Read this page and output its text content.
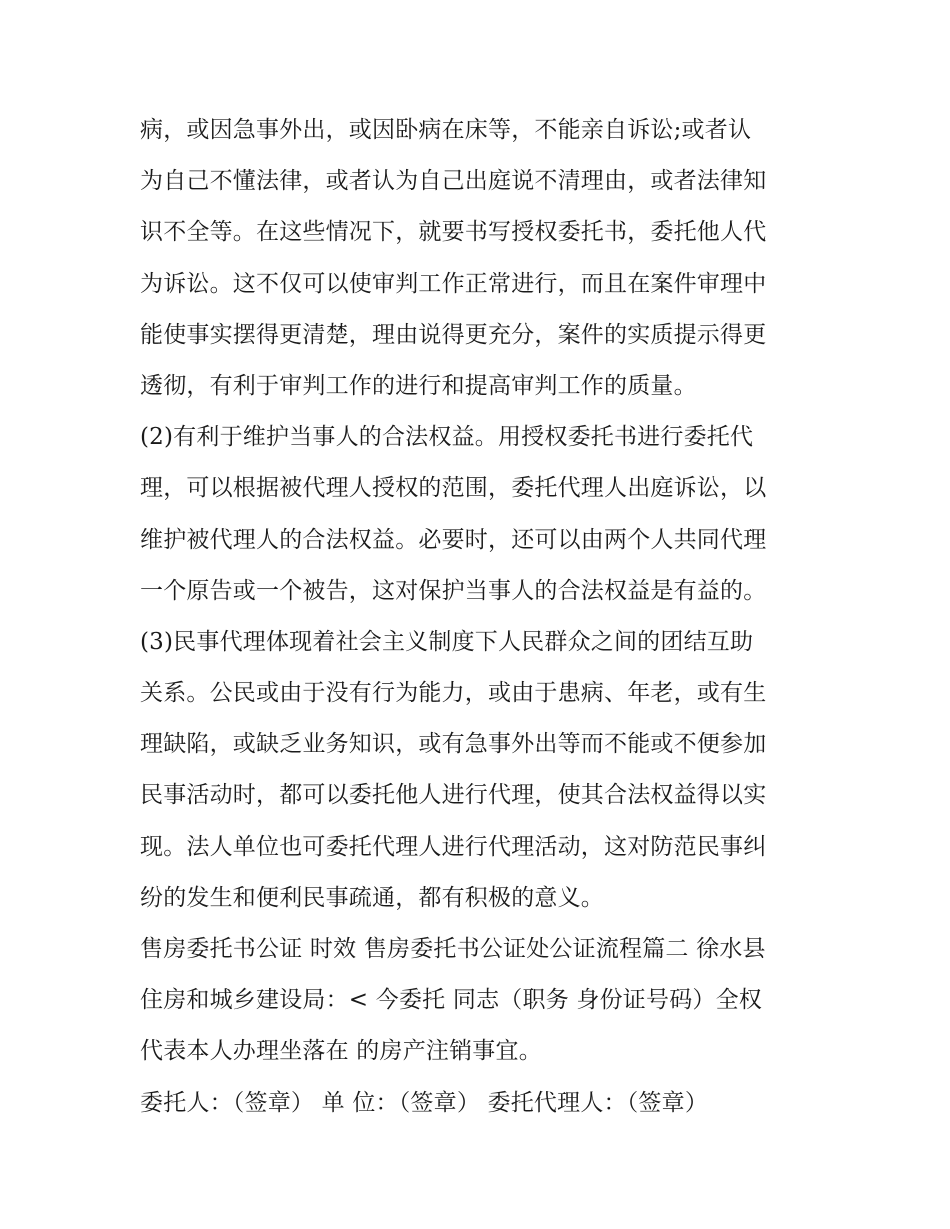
病，或因急事外出，或因卧病在床等，不能亲自诉讼;或者认
为自己不懂法律，或者认为自己出庭说不清理由，或者法律知
识不全等。在这些情况下，就要书写授权委托书，委托他人代
为诉讼。这不仅可以使审判工作正常进行，而且在案件审理中
能使事实摆得更清楚，理由说得更充分，案件的实质提示得更
透彻，有利于审判工作的进行和提高审判工作的质量。
(2)有利于维护当事人的合法权益。用授权委托书进行委托代
理，可以根据被代理人授权的范围，委托代理人出庭诉讼，以
维护被代理人的合法权益。必要时，还可以由两个人共同代理
一个原告或一个被告，这对保护当事人的合法权益是有益的。
(3)民事代理体现着社会主义制度下人民群众之间的团结互助
关系。公民或由于没有行为能力，或由于患病、年老，或有生
理缺陷，或缺乏业务知识，或有急事外出等而不能或不便参加
民事活动时，都可以委托他人进行代理，使其合法权益得以实
现。法人单位也可委托代理人进行代理活动，这对防范民事纠
纷的发生和便利民事疏通，都有积极的意义。
售房委托书公证 时效 售房委托书公证处公证流程篇二 徐水县
住房和城乡建设局：< 今委托 同志（职务 身份证号码）全权
代表本人办理坐落在 的房产注销事宜。
委托人：（签章） 单 位：（签章） 委托代理人：（签章）
